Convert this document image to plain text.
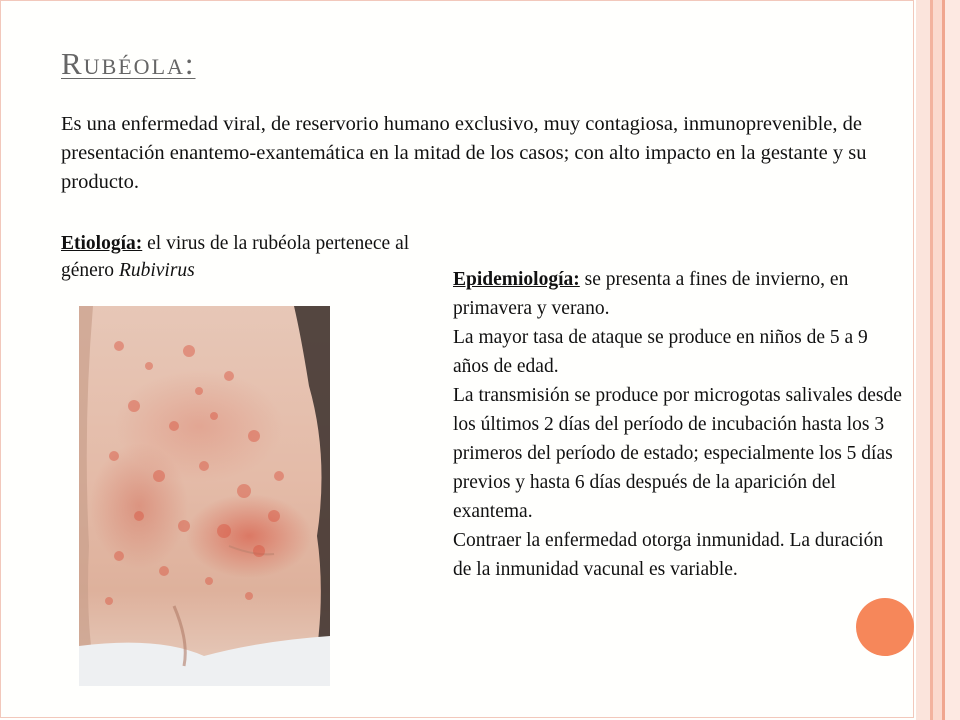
Rubéola:
Es una enfermedad viral, de reservorio humano exclusivo, muy contagiosa, inmunoprevenible, de presentación enantemo-exantemática en la mitad de los casos; con alto impacto en la gestante y su producto.
Etiología: el virus de la rubéola pertenece al género Rubivirus	Epidemiología: se presenta a fines de invierno, en primavera y verano.

La mayor tasa de ataque se produce en niños de 5 a 9 años de edad.

La transmisión se produce por microgotas salivales desde los últimos 2 días del período de incubación hasta los 3 primeros del período de estado; especialmente los 5 días previos y hasta 6 días después de la aparición del exantema.

Contraer la enfermedad otorga inmunidad. La duración de la inmunidad vacunal es variable.
